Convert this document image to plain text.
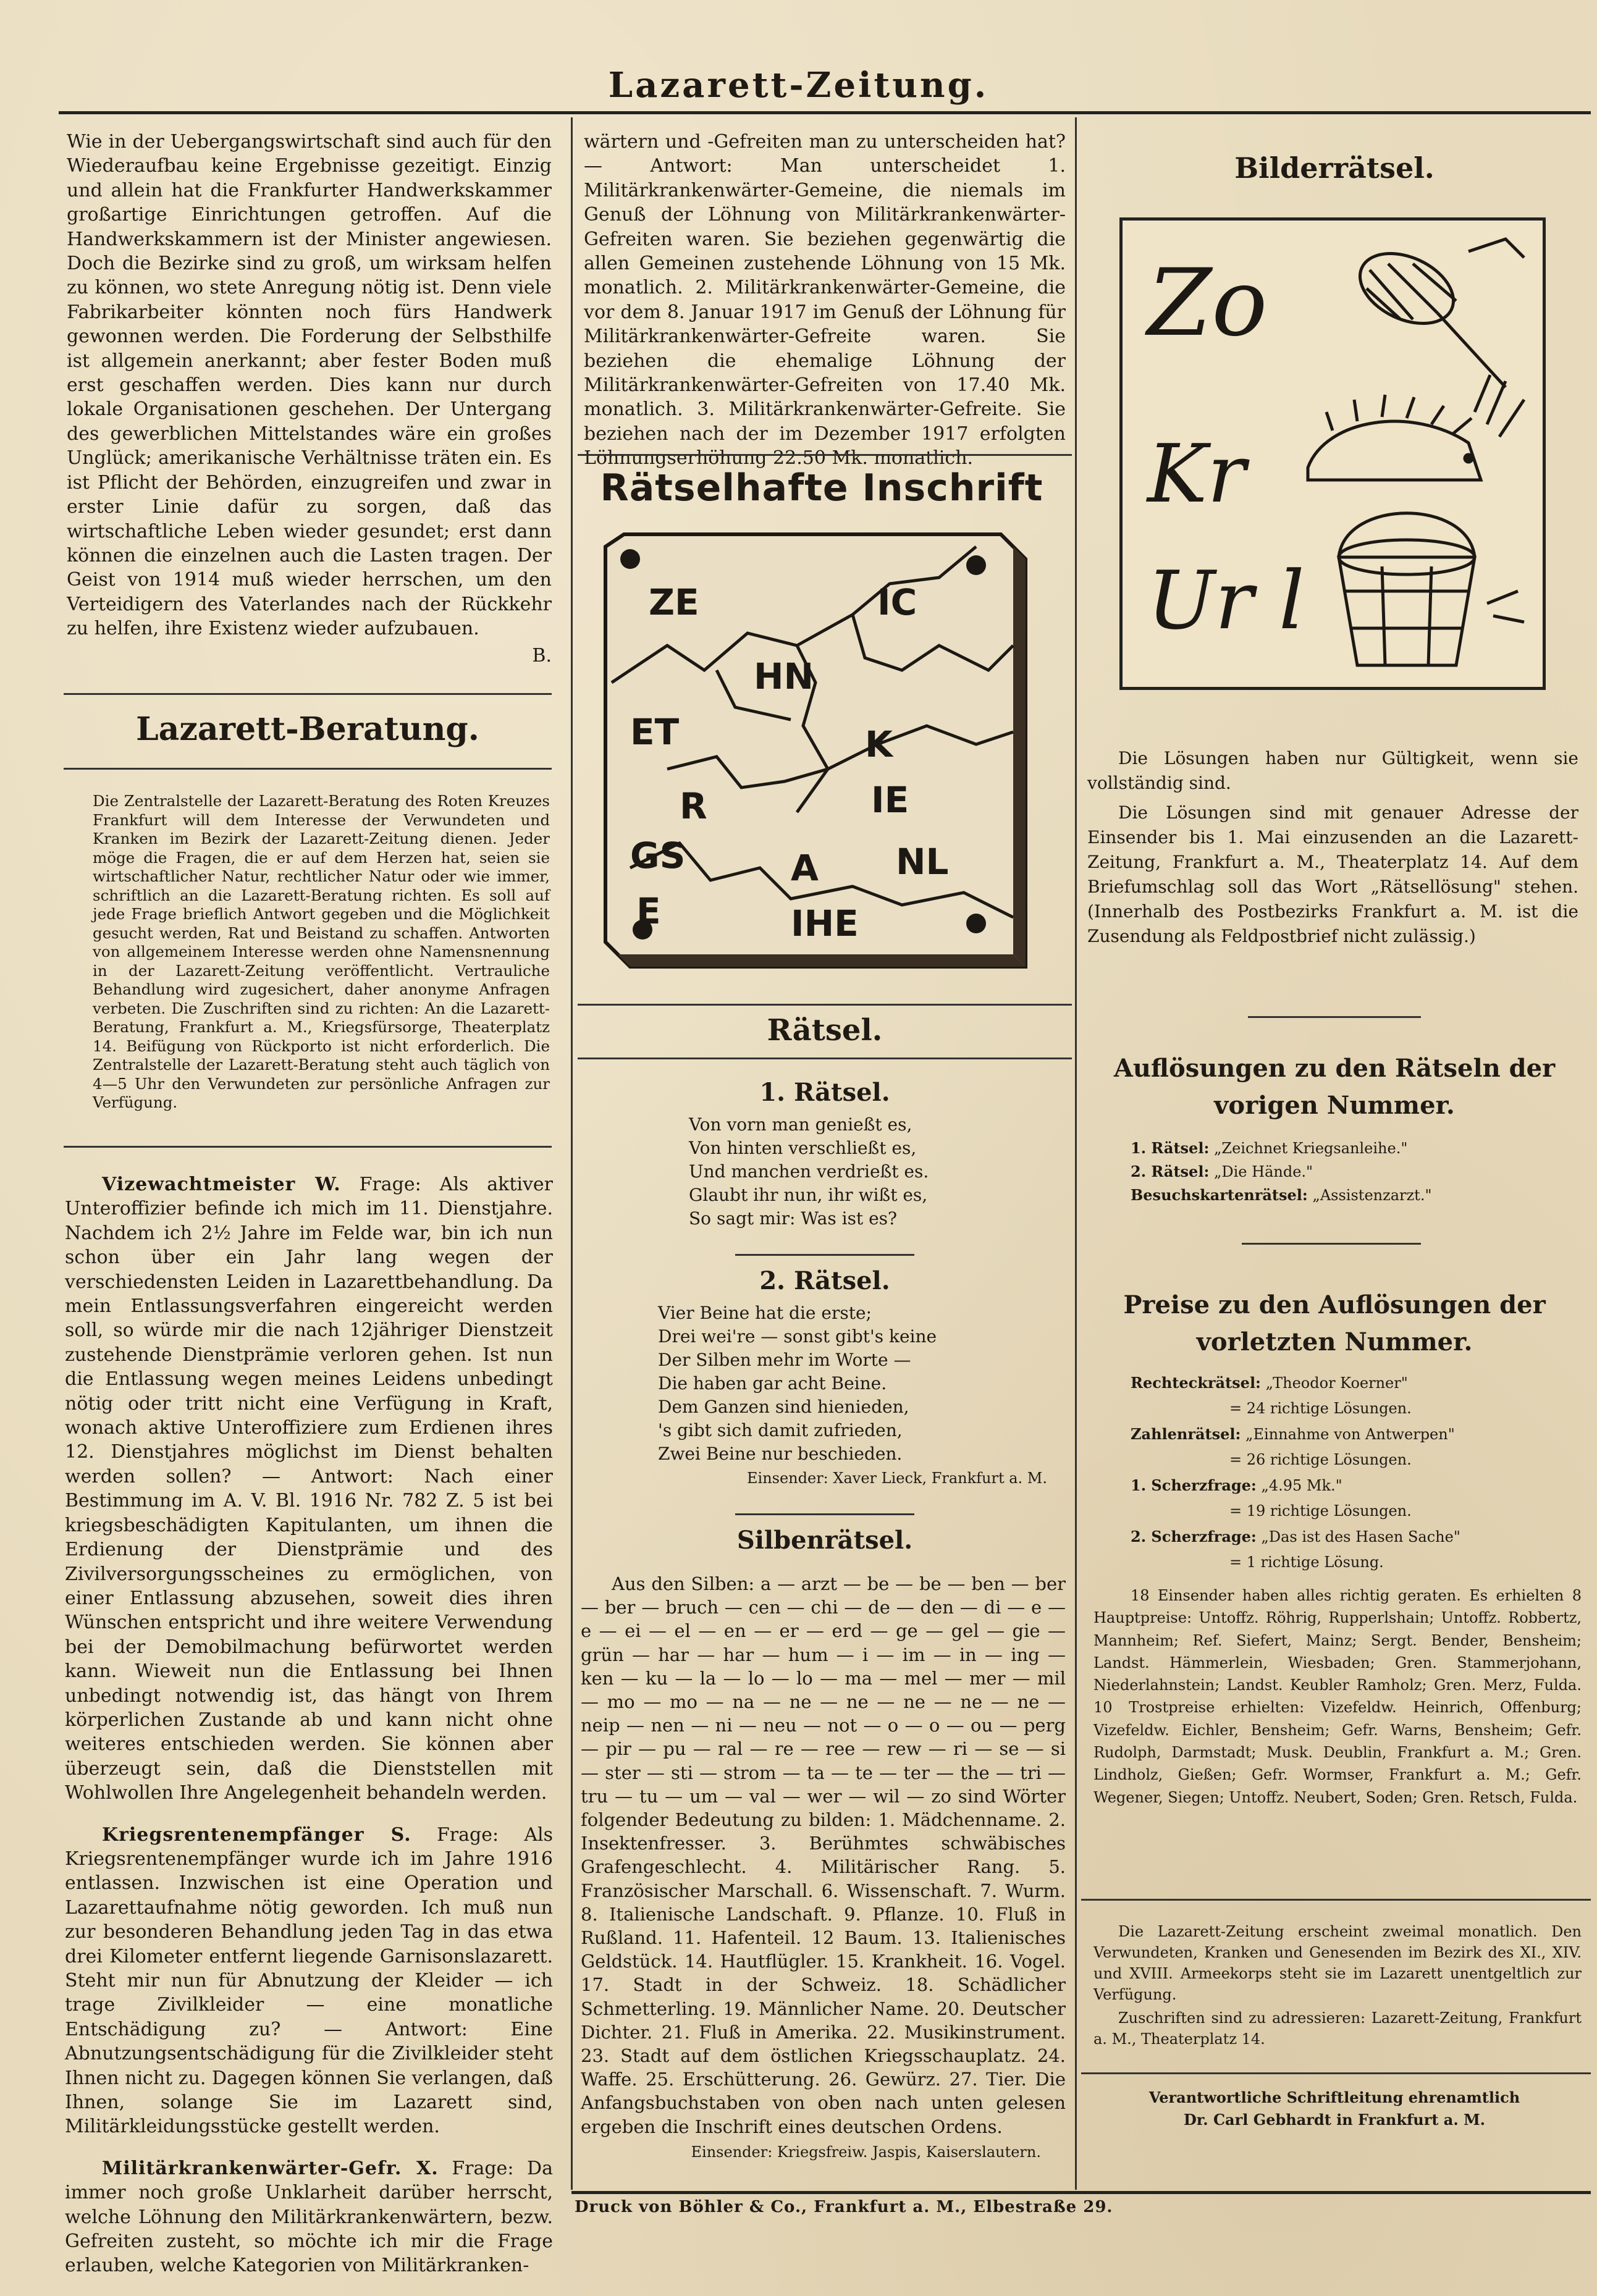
Lazarett-Zeitung.

Wie in der Uebergangswirtschaft sind auch für den Wiederaufbau keine Ergebnisse gezeitigt. Einzig und allein hat die Frankfurter Handwerkskammer großartige Einrichtungen getroffen. Auf die Handwerkskammern ist der Minister angewiesen. Doch die Bezirke sind zu groß, um wirksam helfen zu können, wo stete Anregung nötig ist. Denn viele Fabrikarbeiter könnten noch fürs Handwerk gewonnen werden. Die Forderung der Selbsthilfe ist allgemein anerkannt; aber fester Boden muß erst geschaffen werden. Dies kann nur durch lokale Organisationen geschehen. Der Untergang des gewerblichen Mittelstandes wäre ein großes Unglück; amerikanische Verhältnisse träten ein. Es ist Pflicht der Behörden, einzugreifen und zwar in erster Linie dafür zu sorgen, daß das wirtschaftliche Leben wieder gesundet; erst dann können die einzelnen auch die Lasten tragen. Der Geist von 1914 muß wieder herrschen, um den Verteidigern des Vaterlandes nach der Rückkehr zu helfen, ihre Existenz wieder aufzubauen.

B.

Lazarett-Beratung.

Die Zentralstelle der Lazarett-Beratung des Roten Kreuzes Frankfurt will dem Interesse der Verwundeten und Kranken im Bezirk der Lazarett-Zeitung dienen. Jeder möge die Fragen, die er auf dem Herzen hat, seien sie wirtschaftlicher Natur, rechtlicher Natur oder wie immer, schriftlich an die Lazarett-Beratung richten. Es soll auf jede Frage brieflich Antwort gegeben und die Möglichkeit gesucht werden, Rat und Beistand zu schaffen. Antworten von allgemeinem Interesse werden ohne Namensnennung in der Lazarett-Zeitung veröffentlicht. Vertrauliche Behandlung wird zugesichert, daher anonyme Anfragen verbeten. Die Zuschriften sind zu richten: An die Lazarett-Beratung, Frankfurt a. M., Kriegsfürsorge, Theaterplatz 14. Beifügung von Rückporto ist nicht erforderlich. Die Zentralstelle der Lazarett-Beratung steht auch täglich von 4—5 Uhr den Verwundeten zur persönliche Anfragen zur Verfügung.

Vizewachtmeister W. Frage: Als aktiver Unteroffizier befinde ich mich im 11. Dienstjahre. Nachdem ich 2½ Jahre im Felde war, bin ich nun schon über ein Jahr lang wegen der verschiedensten Leiden in Lazarettbehandlung. Da mein Entlassungsverfahren eingereicht werden soll, so würde mir die nach 12jähriger Dienstzeit zustehende Dienstprämie verloren gehen. Ist nun die Entlassung wegen meines Leidens unbedingt nötig oder tritt nicht eine Verfügung in Kraft, wonach aktive Unteroffiziere zum Erdienen ihres 12. Dienstjahres möglichst im Dienst behalten werden sollen? — Antwort: Nach einer Bestimmung im A. V. Bl. 1916 Nr. 782 Z. 5 ist bei kriegsbeschädigten Kapitulanten, um ihnen die Erdienung der Dienstprämie und des Zivilversorgungsscheines zu ermöglichen, von einer Entlassung abzusehen, soweit dies ihren Wünschen entspricht und ihre weitere Verwendung bei der Demobilmachung befürwortet werden kann. Wieweit nun die Entlassung bei Ihnen unbedingt notwendig ist, das hängt von Ihrem körperlichen Zustande ab und kann nicht ohne weiteres entschieden werden. Sie können aber überzeugt sein, daß die Dienststellen mit Wohlwollen Ihre Angelegenheit behandeln werden.

Kriegsrentenempfänger S. Frage: Als Kriegsrentenempfänger wurde ich im Jahre 1916 entlassen. Inzwischen ist eine Operation und Lazarettaufnahme nötig geworden. Ich muß nun zur besonderen Behandlung jeden Tag in das etwa drei Kilometer entfernt liegende Garnisonslazarett. Steht mir nun für Abnutzung der Kleider — ich trage Zivilkleider — eine monatliche Entschädigung zu? — Antwort: Eine Abnutzungsentschädigung für die Zivilkleider steht Ihnen nicht zu. Dagegen können Sie verlangen, daß Ihnen, solange Sie im Lazarett sind, Militärkleidungsstücke gestellt werden.

Militärkrankenwärter-Gefr. X. Frage: Da immer noch große Unklarheit darüber herrscht, welche Löhnung den Militärkrankenwärtern, bezw. Gefreiten zusteht, so möchte ich mir die Frage erlauben, welche Kategorien von Militärkranken-

wärtern und -Gefreiten man zu unterscheiden hat? — Antwort: Man unterscheidet 1. Militärkrankenwärter-Gemeine, die niemals im Genuß der Löhnung von Militärkrankenwärter-Gefreiten waren. Sie beziehen gegenwärtig die allen Gemeinen zustehende Löhnung von 15 Mk. monatlich. 2. Militärkrankenwärter-Gemeine, die vor dem 8. Januar 1917 im Genuß der Löhnung für Militärkrankenwärter-Gefreite waren. Sie beziehen die ehemalige Löhnung der Militärkrankenwärter-Gefreiten von 17.40 Mk. monatlich. 3. Militärkrankenwärter-Gefreite. Sie beziehen nach der im Dezember 1917 erfolgten Löhnungserhöhung 22.50 Mk. monatlich.

Rätselhafte Inschrift
ZE	IC
HN
ET	K
R	IE
GS	A NL
E	IHE
Rätsel.
1. Rätsel.
Von vorn man genießt es,
Von hinten verschließt es,
Und manchen verdrießt es.
Glaubt ihr nun, ihr wißt es,
So sagt mir: Was ist es?
2. Rätsel.
Vier Beine hat die erste;
Drei wei're — sonst gibt's keine
Der Silben mehr im Worte —
Die haben gar acht Beine.
Dem Ganzen sind hienieden,
's gibt sich damit zufrieden,
Zwei Beine nur beschieden.
Einsender: Xaver Lieck, Frankfurt a. M.
Silbenrätsel.

Aus den Silben: a — arzt — be — be — ben — ber — ber — bruch — cen — chi — de — den — di — e — e — ei — el — en — er — erd — ge — gel — gie — grün — har — har — hum — i — im — in — ing — ken — ku — la — lo — lo — ma — mel — mer — mil — mo — mo — na — ne — ne — ne — ne — ne — neip — nen — ni — neu — not — o — o — ou — perg — pir — pu — ral — re — ree — rew — ri — se — si — ster — sti — strom — ta — te — ter — the — tri — tru — tu — um — val — wer — wil — zo sind Wörter folgender Bedeutung zu bilden: 1. Mädchenname. 2. Insektenfresser. 3. Berühmtes schwäbisches Grafengeschlecht. 4. Militärischer Rang. 5. Französischer Marschall. 6. Wissenschaft. 7. Wurm. 8. Italienische Landschaft. 9. Pflanze. 10. Fluß in Rußland. 11. Hafenteil. 12 Baum. 13. Italienisches Geldstück. 14. Hautflügler. 15. Krankheit. 16. Vogel. 17. Stadt in der Schweiz. 18. Schädlicher Schmetterling. 19. Männlicher Name. 20. Deutscher Dichter. 21. Fluß in Amerika. 22. Musikinstrument. 23. Stadt auf dem östlichen Kriegsschauplatz. 24. Waffe. 25. Erschütterung. 26. Gewürz. 27. Tier. Die Anfangsbuchstaben von oben nach unten gelesen ergeben die Inschrift eines deutschen Ordens.

Einsender: Kriegsfreiw. Jaspis, Kaiserslautern.
Bilderrätsel.
Zo
Kr
Ur l

Die Lösungen haben nur Gültigkeit, wenn sie vollständig sind.

Die Lösungen sind mit genauer Adresse der Einsender bis 1. Mai einzusenden an die Lazarett-Zeitung, Frankfurt a. M., Theaterplatz 14. Auf dem Briefumschlag soll das Wort „Rätsellösung" stehen. (Innerhalb des Postbezirks Frankfurt a. M. ist die Zusendung als Feldpostbrief nicht zulässig.)

Auflösungen zu den Rätseln der vorigen Nummer.
1. Rätsel: „Zeichnet Kriegsanleihe."
2. Rätsel: „Die Hände."
Besuchskartenrätsel: „Assistenzarzt."
Preise zu den Auflösungen der vorletzten Nummer.
Rechteckrätsel: „Theodor Koerner"
= 24 richtige Lösungen.
Zahlenrätsel: „Einnahme von Antwerpen"
= 26 richtige Lösungen.
1. Scherzfrage: „4.95 Mk."
= 19 richtige Lösungen.
2. Scherzfrage: „Das ist des Hasen Sache"
= 1 richtige Lösung.

18 Einsender haben alles richtig geraten. Es erhielten 8 Hauptpreise: Untoffz. Röhrig, Rupperlshain; Untoffz. Robbertz, Mannheim; Ref. Siefert, Mainz; Sergt. Bender, Bensheim; Landst. Hämmerlein, Wiesbaden; Gren. Stammerjohann, Niederlahnstein; Landst. Keubler Ramholz; Gren. Merz, Fulda. 10 Trostpreise erhielten: Vizefeldw. Heinrich, Offenburg; Vizefeldw. Eichler, Bensheim; Gefr. Warns, Bensheim; Gefr. Rudolph, Darmstadt; Musk. Deublin, Frankfurt a. M.; Gren. Lindholz, Gießen; Gefr. Wormser, Frankfurt a. M.; Gefr. Wegener, Siegen; Untoffz. Neubert, Soden; Gren. Retsch, Fulda.

Die Lazarett-Zeitung erscheint zweimal monatlich. Den Verwundeten, Kranken und Genesenden im Bezirk des XI., XIV. und XVIII. Armeekorps steht sie im Lazarett unentgeltlich zur Verfügung.

Zuschriften sind zu adressieren: Lazarett-Zeitung, Frankfurt a. M., Theaterplatz 14.

Verantwortliche Schriftleitung ehrenamtlich
Dr. Carl Gebhardt in Frankfurt a. M.
Druck von Böhler & Co., Frankfurt a. M., Elbestraße 29.
